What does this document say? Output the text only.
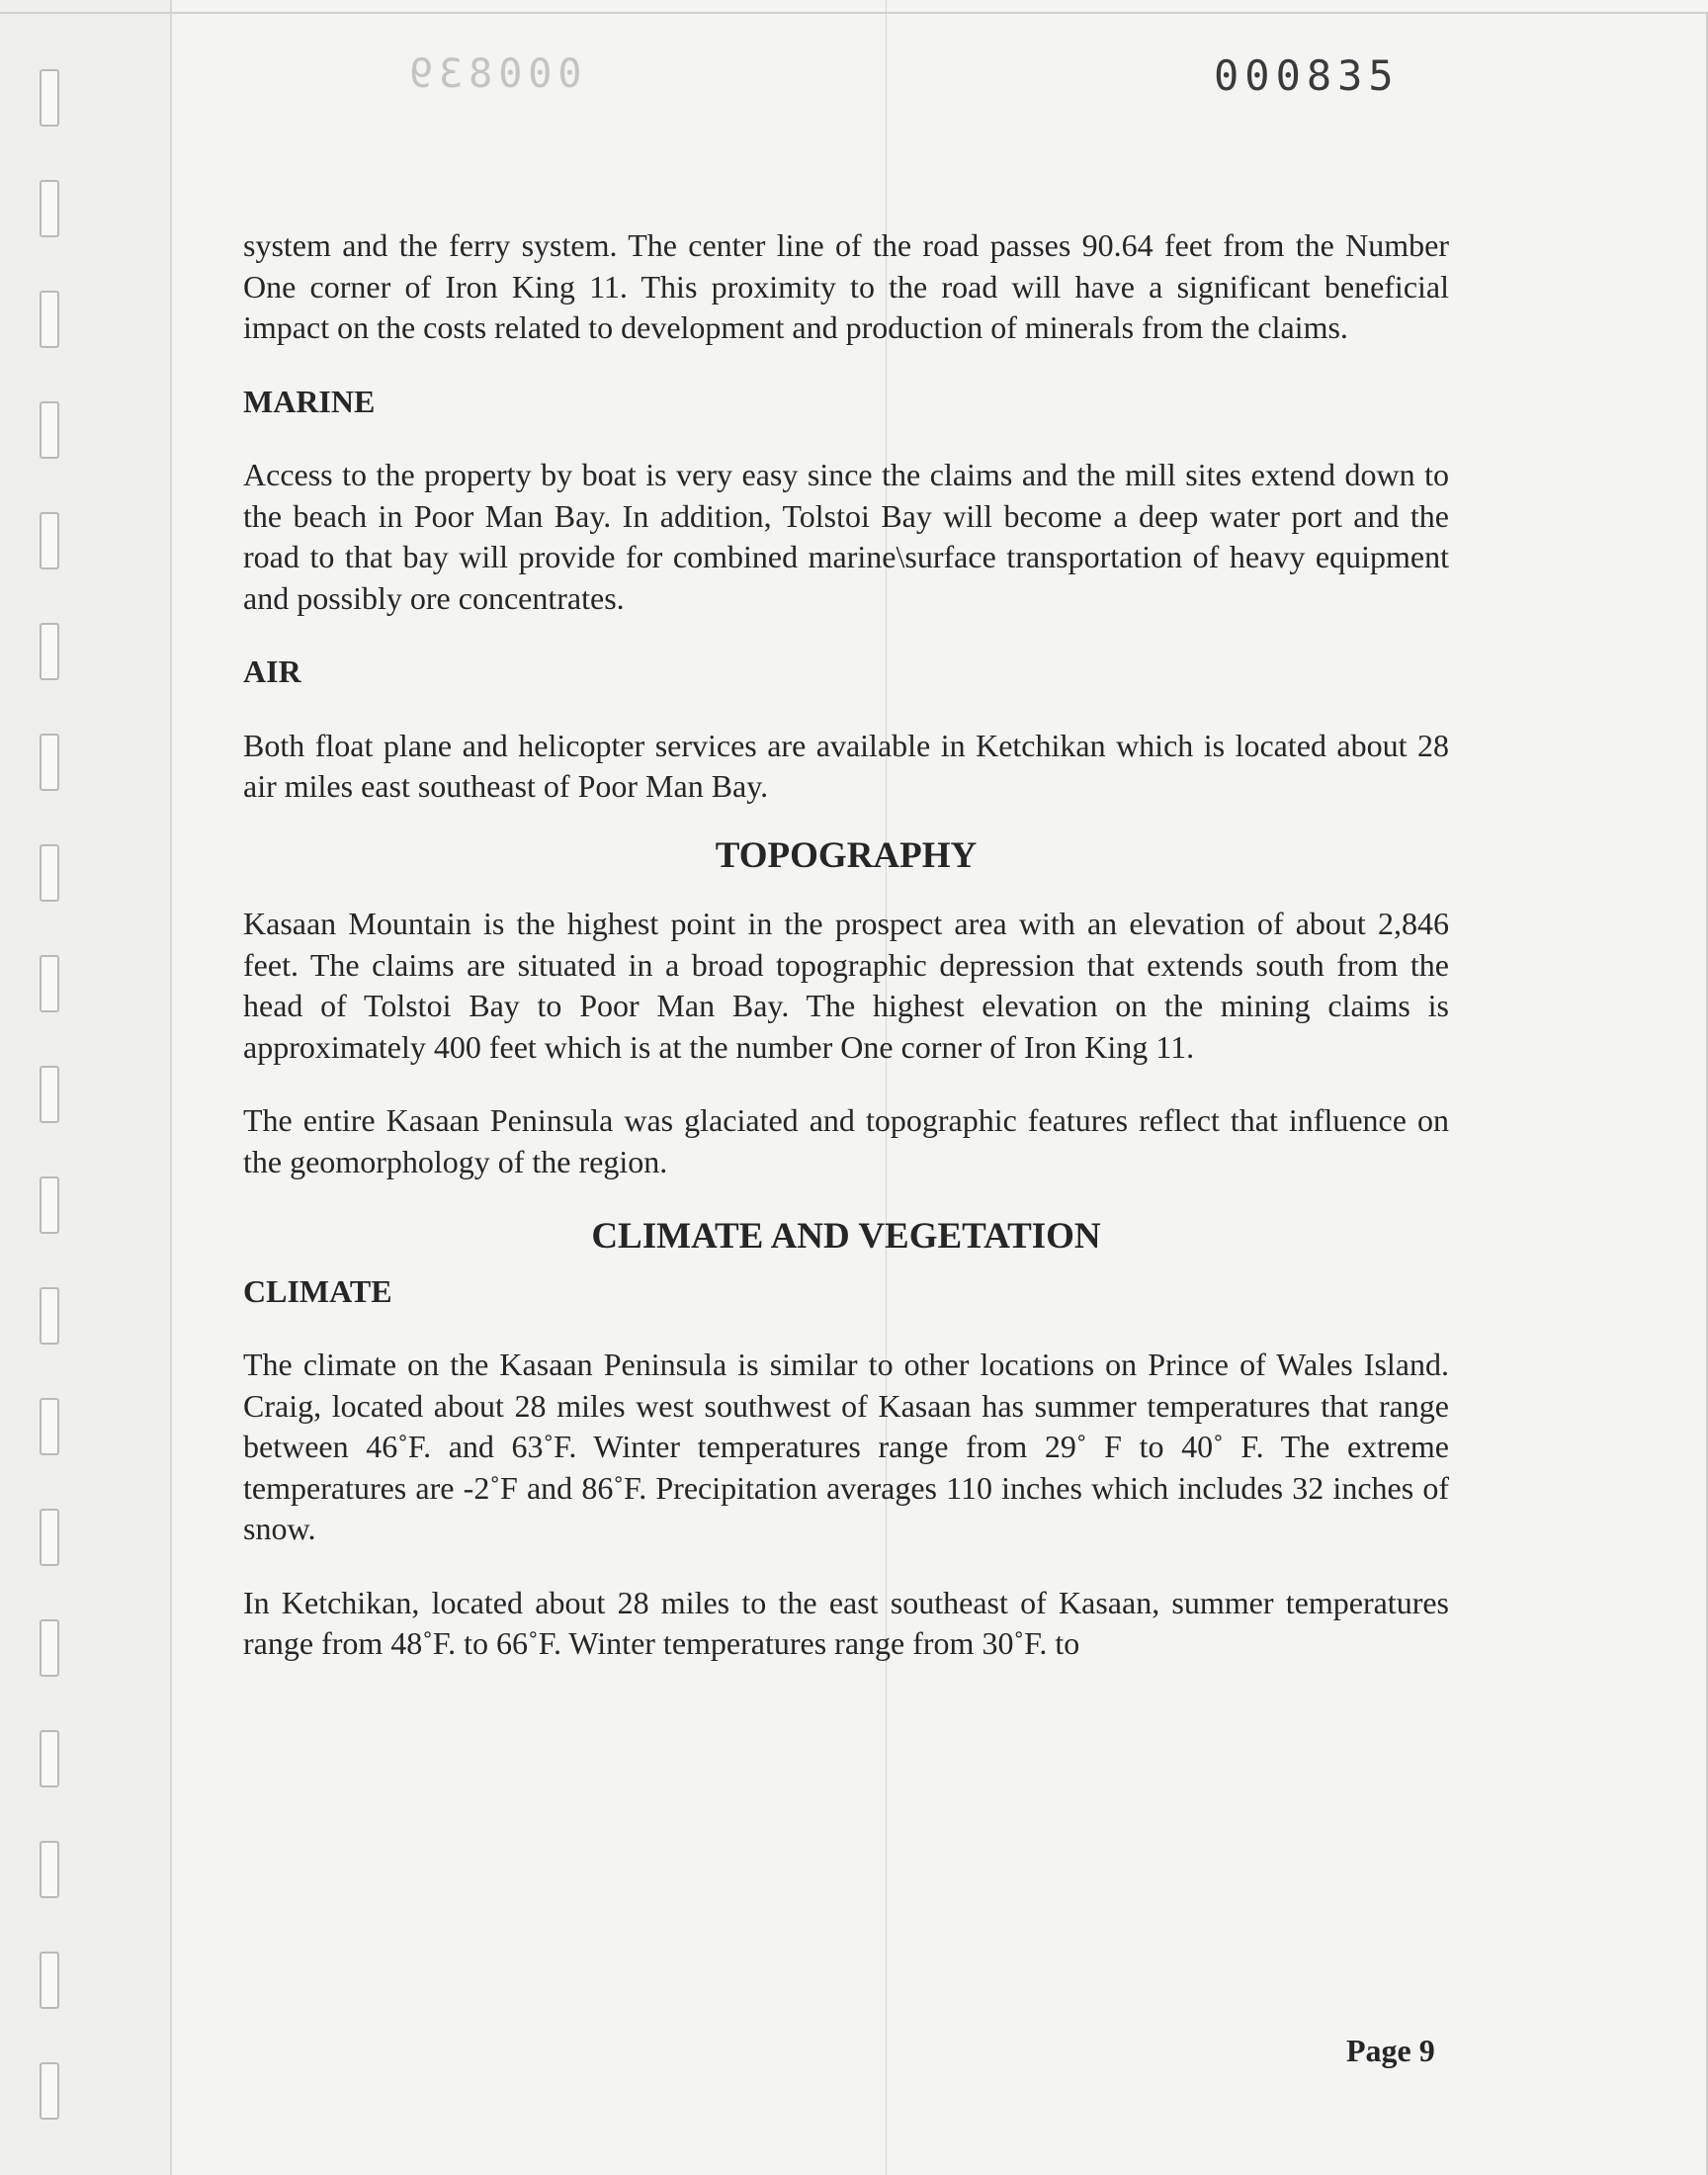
000839	000835

system and the ferry system. The center line of the road passes 90.64 feet from the Number One corner of Iron King 11. This proximity to the road will have a significant beneficial impact on the costs related to development and production of minerals from the claims.

MARINE

Access to the property by boat is very easy since the claims and the mill sites extend down to the beach in Poor Man Bay. In addition, Tolstoi Bay will become a deep water port and the road to that bay will provide for combined marine\surface transportation of heavy equipment and possibly ore concentrates.

AIR

Both float plane and helicopter services are available in Ketchikan which is located about 28 air miles east southeast of Poor Man Bay.

TOPOGRAPHY

Kasaan Mountain is the highest point in the prospect area with an elevation of about 2,846 feet. The claims are situated in a broad topographic depression that extends south from the head of Tolstoi Bay to Poor Man Bay. The highest elevation on the mining claims is approximately 400 feet which is at the number One corner of Iron King 11.

The entire Kasaan Peninsula was glaciated and topographic features reflect that influence on the geomorphology of the region.

CLIMATE AND VEGETATION
CLIMATE

The climate on the Kasaan Peninsula is similar to other locations on Prince of Wales Island. Craig, located about 28 miles west southwest of Kasaan has summer temperatures that range between 46˚F. and 63˚F. Winter temperatures range from 29˚ F to 40˚ F. The extreme temperatures are -2˚F and 86˚F. Precipitation averages 110 inches which includes 32 inches of snow.

In Ketchikan, located about 28 miles to the east southeast of Kasaan, summer temperatures range from 48˚F. to 66˚F. Winter temperatures range from 30˚F. to

Page 9
